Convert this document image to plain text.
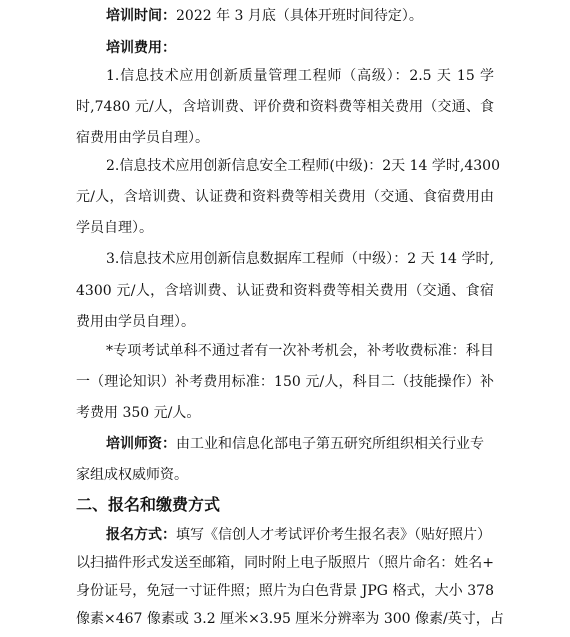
培训时间：2022 年 3 月底（具体开班时间待定）。
培训费用：
1.信息技术应用创新质量管理工程师（高级）：2.5 天 15 学
时,7480 元/人，含培训费、评价费和资料费等相关费用（交通、食
宿费用由学员自理）。
2.信息技术应用创新信息安全工程师(中级)：2天 14 学时,4300
元/人，含培训费、认证费和资料费等相关费用（交通、食宿费用由
学员自理）。
3.信息技术应用创新信息数据库工程师（中级）：2 天 14 学时,
4300 元/人，含培训费、认证费和资料费等相关费用（交通、食宿
费用由学员自理）。
*专项考试单科不通过者有一次补考机会，补考收费标准：科目
一（理论知识）补考费用标准：150 元/人，科目二（技能操作）补
考费用 350 元/人。
培训师资：由工业和信息化部电子第五研究所组织相关行业专
家组成权威师资。
二、报名和缴费方式
报名方式：填写《信创人才考试评价考生报名表》（贴好照片）
以扫描件形式发送至邮箱，同时附上电子版照片（照片命名：姓名+
身份证号，免冠一寸证件照；照片为白色背景 JPG 格式，大小 378
像素×467 像素或 3.2 厘米×3.95 厘米分辨率为 300 像素/英寸，占
